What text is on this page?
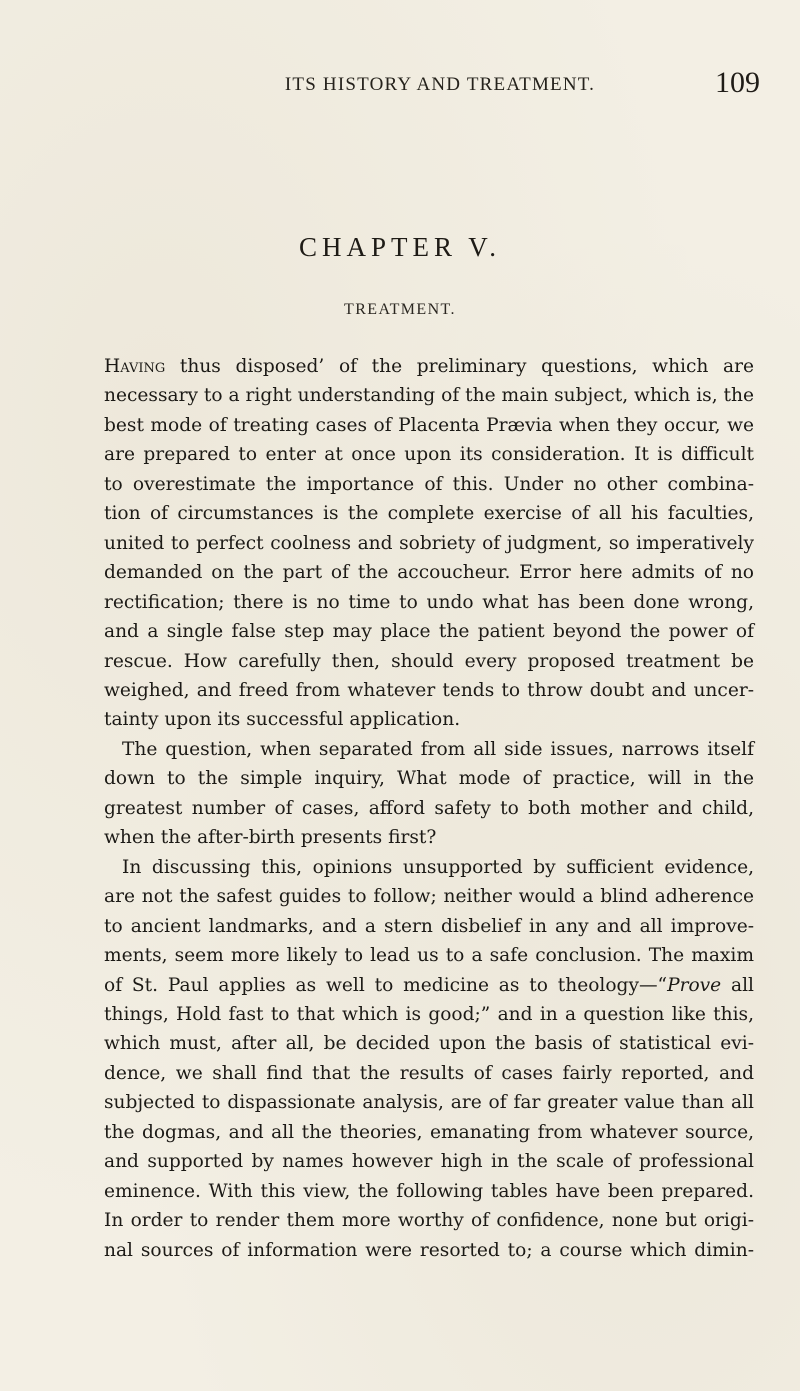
ITS HISTORY AND TREATMENT.	109
CHAPTER V.
TREATMENT.

Having thus disposed’ of the preliminary questions, which are
necessary to a right understanding of the main subject, which is, the
best mode of treating cases of Placenta Prævia when they occur, we
are prepared to enter at once upon its consideration. It is difficult
to overestimate the importance of this. Under no other combina-
tion of circumstances is the complete exercise of all his faculties,
united to perfect coolness and sobriety of judgment, so imperatively
demanded on the part of the accoucheur. Error here admits of no
rectification; there is no time to undo what has been done wrong,
and a single false step may place the patient beyond the power of
rescue. How carefully then, should every proposed treatment be
weighed, and freed from whatever tends to throw doubt and uncer-
tainty upon its successful application.

The question, when separated from all side issues, narrows itself
down to the simple inquiry, What mode of practice, will in the
greatest number of cases, afford safety to both mother and child,
when the after-birth presents first?

In discussing this, opinions unsupported by sufficient evidence,
are not the safest guides to follow; neither would a blind adherence
to ancient landmarks, and a stern disbelief in any and all improve-
ments, seem more likely to lead us to a safe conclusion. The maxim
of St. Paul applies as well to medicine as to theology—“Prove all
things, Hold fast to that which is good;” and in a question like this,
which must, after all, be decided upon the basis of statistical evi-
dence, we shall find that the results of cases fairly reported, and
subjected to dispassionate analysis, are of far greater value than all
the dogmas, and all the theories, emanating from whatever source,
and supported by names however high in the scale of professional
eminence. With this view, the following tables have been prepared.
In order to render them more worthy of confidence, none but origi-
nal sources of information were resorted to; a course which dimin-
